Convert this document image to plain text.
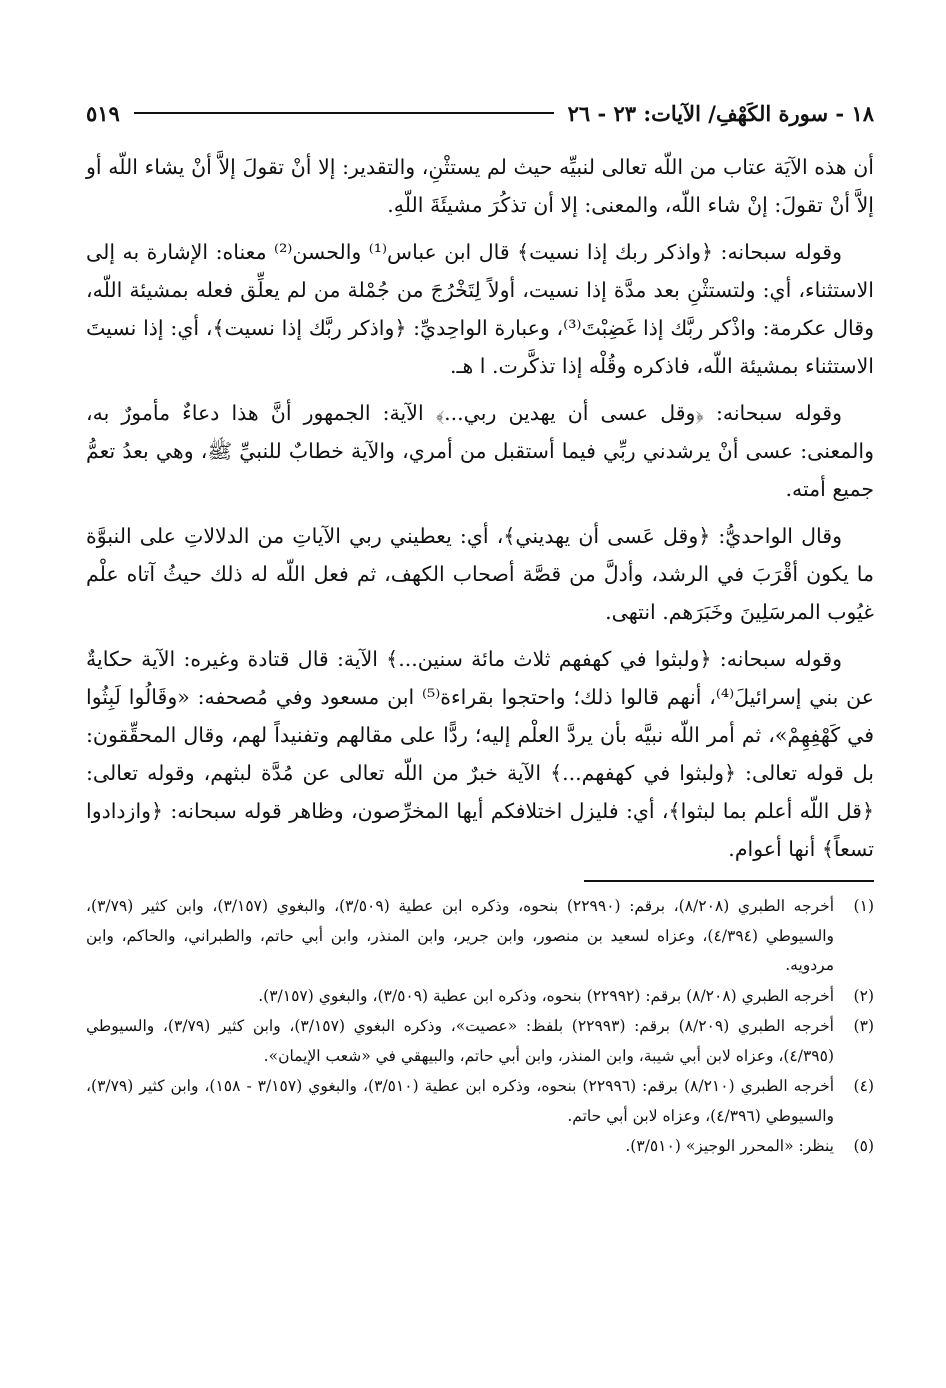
١٨ - سورة الكَهْفِ/ الآيات: ٢٣ - ٢٦
٥١٩

أن هذه الآيَة عتاب من اللّه تعالى لنبيِّه حيث لم يستثْنِ، والتقدير: إلا أنْ تقولَ إلاَّ أنْ يشاء اللّه أو إلاَّ أنْ تقولَ: إنْ شاء اللّه، والمعنى: إلا أن تذكُرَ مشيئَةَ اللّهِ.

وقوله سبحانه: ﴿واذكر ربك إذا نسيت﴾ قال ابن عباس⁽¹⁾ والحسن⁽²⁾ معناه: الإشارة به إلى الاستثناء، أي: ولتستثْنِ بعد مدَّة إذا نسيت، أولاً لِتَخْرُجَ من جُمْلة من لم يعلِّق فعله بمشيئة اللّه، وقال عكرمة: واذْكر ربَّك إذا غَضِبْتَ⁽³⁾، وعبارة الواحِديِّ: ﴿واذكر ربَّك إذا نسيت﴾، أي: إذا نسيتَ الاستثناء بمشيئة اللّه، فاذكره وقُلْه إذا تذكَّرت. ا هـ.

وقوله سبحانه: ﴿وقل عسى أن يهدين ربي...﴾ الآية: الجمهور أنَّ هذا دعاءٌ مأمورٌ به، والمعنى: عسى أنْ يرشدني ربِّي فيما أستقبل من أمري، والآية خطابٌ للنبيِّ ﷺ، وهي بعدُ تعمُّ جميع أمته.

وقال الواحديُّ: ﴿وقل عَسى أن يهديني﴾، أي: يعطيني ربي الآياتِ من الدلالاتِ على النبوَّة ما يكون أقْرَبَ في الرشد، وأدلَّ من قصَّة أصحاب الكهف، ثم فعل اللّه له ذلك حيثُ آتاه علْم غيُوب المرسَلِينَ وخَبَرَهم. انتهى.

وقوله سبحانه: ﴿ولبثوا في كهفهم ثلاث مائة سنين...﴾ الآية: قال قتادة وغيره: الآية حكايةٌ عن بني إسرائيلَ⁽⁴⁾، أنهم قالوا ذلك؛ واحتجوا بقراءة⁽⁵⁾ ابن مسعود وفي مُصحفه: «وقَالُوا لَبِثُوا في كَهْفِهِمْ»، ثم أمر اللّه نبيَّه بأن يردَّ العلْم إليه؛ ردًّا على مقالهم وتفنيداً لهم، وقال المحقِّقون: بل قوله تعالى: ﴿ولبثوا في كهفهم...﴾ الآية خبرٌ من اللّه تعالى عن مُدَّة لبثهم، وقوله تعالى: ﴿قل اللّه أعلم بما لبثوا﴾، أي: فليزل اختلافكم أيها المخرِّصون، وظاهر قوله سبحانه: ﴿وازدادوا تسعاً﴾ أنها أعوام.

(١)
أخرجه الطبري (٨/٢٠٨)، برقم: (٢٢٩٩٠) بنحوه، وذكره ابن عطية (٣/٥٠٩)، والبغوي (٣/١٥٧)، وابن كثير (٣/٧٩)، والسيوطي (٤/٣٩٤)، وعزاه لسعيد بن منصور، وابن جرير، وابن المنذر، وابن أبي حاتم، والطبراني، والحاكم، وابن مردويه.
(٢)
أخرجه الطبري (٨/٢٠٨) برقم: (٢٢٩٩٢) بنحوه، وذكره ابن عطية (٣/٥٠٩)، والبغوي (٣/١٥٧).
(٣)
أخرجه الطبري (٨/٢٠٩) برقم: (٢٢٩٩٣) بلفظ: «عصيت»، وذكره البغوي (٣/١٥٧)، وابن كثير (٣/٧٩)، والسيوطي (٤/٣٩٥)، وعزاه لابن أبي شيبة، وابن المنذر، وابن أبي حاتم، والبيهقي في «شعب الإيمان».
(٤)
أخرجه الطبري (٨/٢١٠) برقم: (٢٢٩٩٦) بنحوه، وذكره ابن عطية (٣/٥١٠)، والبغوي (٣/١٥٧ - ١٥٨)، وابن كثير (٣/٧٩)، والسيوطي (٤/٣٩٦)، وعزاه لابن أبي حاتم.
(٥)
ينظر: «المحرر الوجيز» (٣/٥١٠).
